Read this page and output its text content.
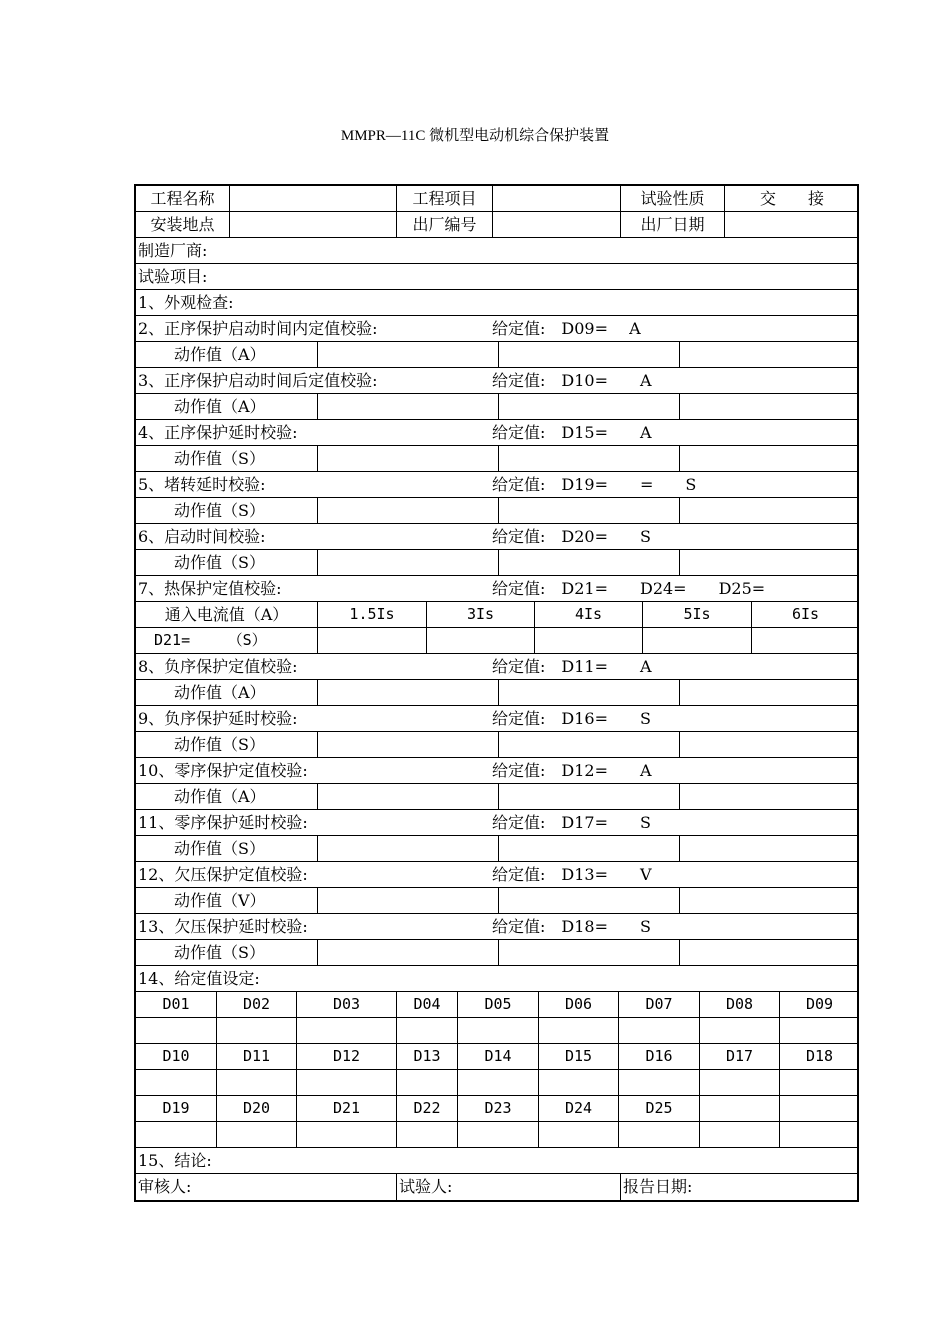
MMPR—11C 微机型电动机综合保护装置
工程名称	工程项目	试验性质	交　　接
安装地点	出厂编号	出厂日期
制造厂商:
试验项目:
1、外观检查:
2、正序保护启动时间内定值校验:	给定值:　D09=　 A
动作值（A）
3、正序保护启动时间后定值校验:	给定值:　D10=　　A
动作值（A）
4、正序保护延时校验:	给定值:　D15=　　A
动作值（S）
5、堵转延时校验:	给定值:　D19=　　=　　S
动作值（S）
6、启动时间校验:	给定值:　D20=　　S
动作值（S）
7、热保护定值校验:	给定值:　D21=　　D24=　　D25=
通入电流值（A）	1.5Is	3Is	4Is	5Is	6Is
D21=　　　（S）
8、负序保护定值校验:	给定值:　D11=　　A
动作值（A）
9、负序保护延时校验:	给定值:　D16=　　S
动作值（S）
10、零序保护定值校验:	给定值:　D12=　　A
动作值（A）
11、零序保护延时校验:	给定值:　D17=　　S
动作值（S）
12、欠压保护定值校验:	给定值:　D13=　　V
动作值（V）
13、欠压保护延时校验:	给定值:　D18=　　S
动作值（S）
14、给定值设定:
D01	D02	D03	D04	D05	D06	D07	D08	D09
D10	D11	D12	D13	D14	D15	D16	D17	D18
D19	D20	D21	D22	D23	D24	D25
15、结论:
审核人:	试验人:	报告日期:
